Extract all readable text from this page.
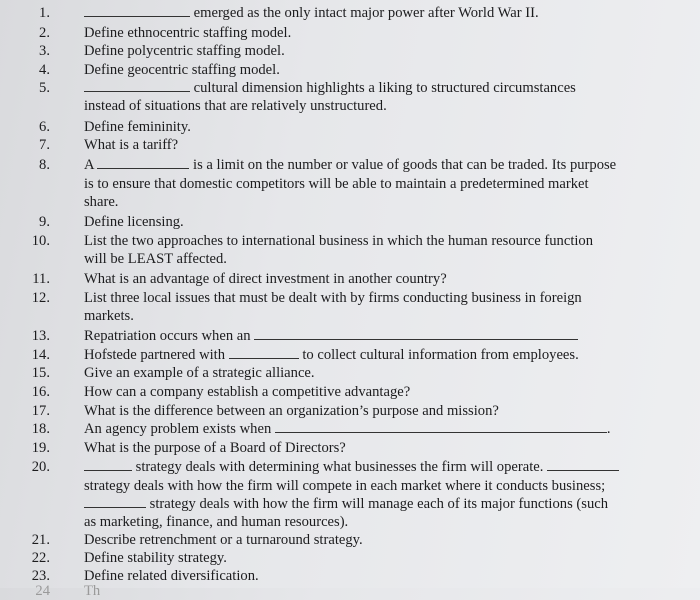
1.	emerged as the only intact major power after World War II.
2. Define ethnocentric staffing model.
3. Define polycentric staffing model.
4. Define geocentric staffing model.
5.	cultural dimension highlights a liking to structured circumstances
instead of situations that are relatively unstructured.
6. Define femininity.
7. What is a tariff?
8. A	is a limit on the number or value of goods that can be traded. Its purpose
is to ensure that domestic competitors will be able to maintain a predetermined market
share.
9. Define licensing.
10. List the two approaches to international business in which the human resource function
will be LEAST affected.
11. What is an advantage of direct investment in another country?
12. List three local issues that must be dealt with by firms conducting business in foreign
markets.
13. Repatriation occurs when an
14. Hofstede partnered with	to collect cultural information from employees.
15. Give an example of a strategic alliance.
16. How can a company establish a competitive advantage?
17. What is the difference between an organization’s purpose and mission?
18. An agency problem exists when	.
19. What is the purpose of a Board of Directors?
20.	strategy deals with determining what businesses the firm will operate.
strategy deals with how the firm will compete in each market where it conducts business;
strategy deals with how the firm will manage each of its major functions (such
as marketing, finance, and human resources).
21. Describe retrenchment or a turnaround strategy.
22. Define stability strategy.
23. Define related diversification.
24 Th
